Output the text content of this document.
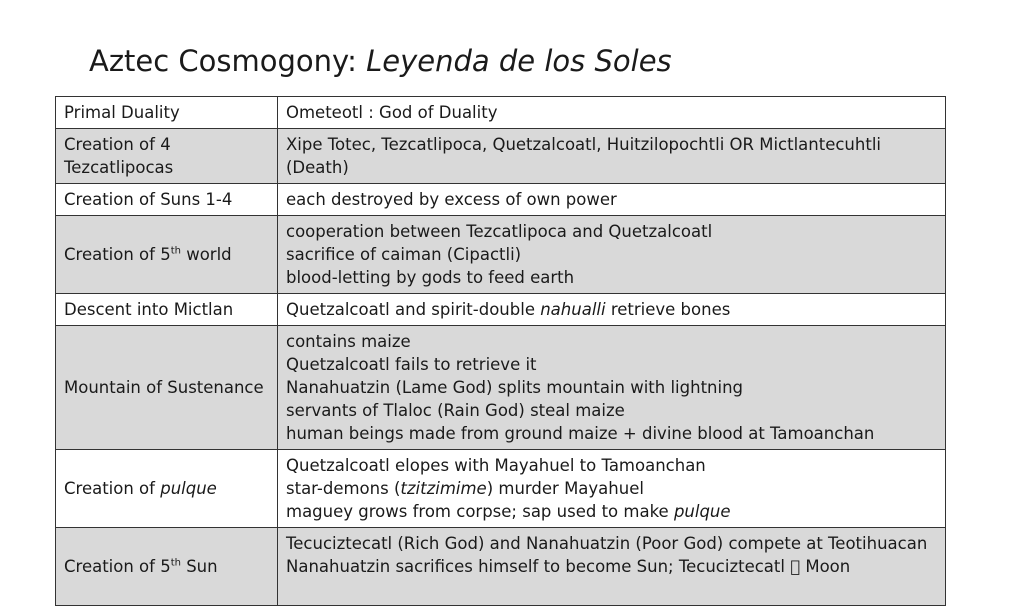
Aztec Cosmogony: Leyenda de los Soles
Primal Duality	Ometeotl : God of Duality
Creation of 4 Tezcatlipocas	Xipe Totec, Tezcatlipoca, Quetzalcoatl, Huitzilopochtli OR Mictlantecuhtli (Death)
Creation of Suns 1-4	each destroyed by excess of own power
Creation of 5th world	cooperation between Tezcatlipoca and Quetzalcoatl
sacrifice of caiman (Cipactli)
blood-letting by gods to feed earth

Descent into Mictlan	Quetzalcoatl and spirit-double nahualli retrieve bones
Mountain of Sustenance	contains maize
Quetzalcoatl fails to retrieve it
Nanahuatzin (Lame God) splits mountain with lightning
servants of Tlaloc (Rain God) steal maize
human beings made from ground maize + divine blood at Tamoanchan

Creation of pulque	Quetzalcoatl elopes with Mayahuel to Tamoanchan
star-demons (tzitzimime) murder Mayahuel
maguey grows from corpse; sap used to make pulque

Creation of 5th Sun	Tecuciztecatl (Rich God) and Nanahuatzin (Poor God) compete at Teotihuacan
Nanahuatzin sacrifices himself to become Sun; Tecuciztecatl Moon
